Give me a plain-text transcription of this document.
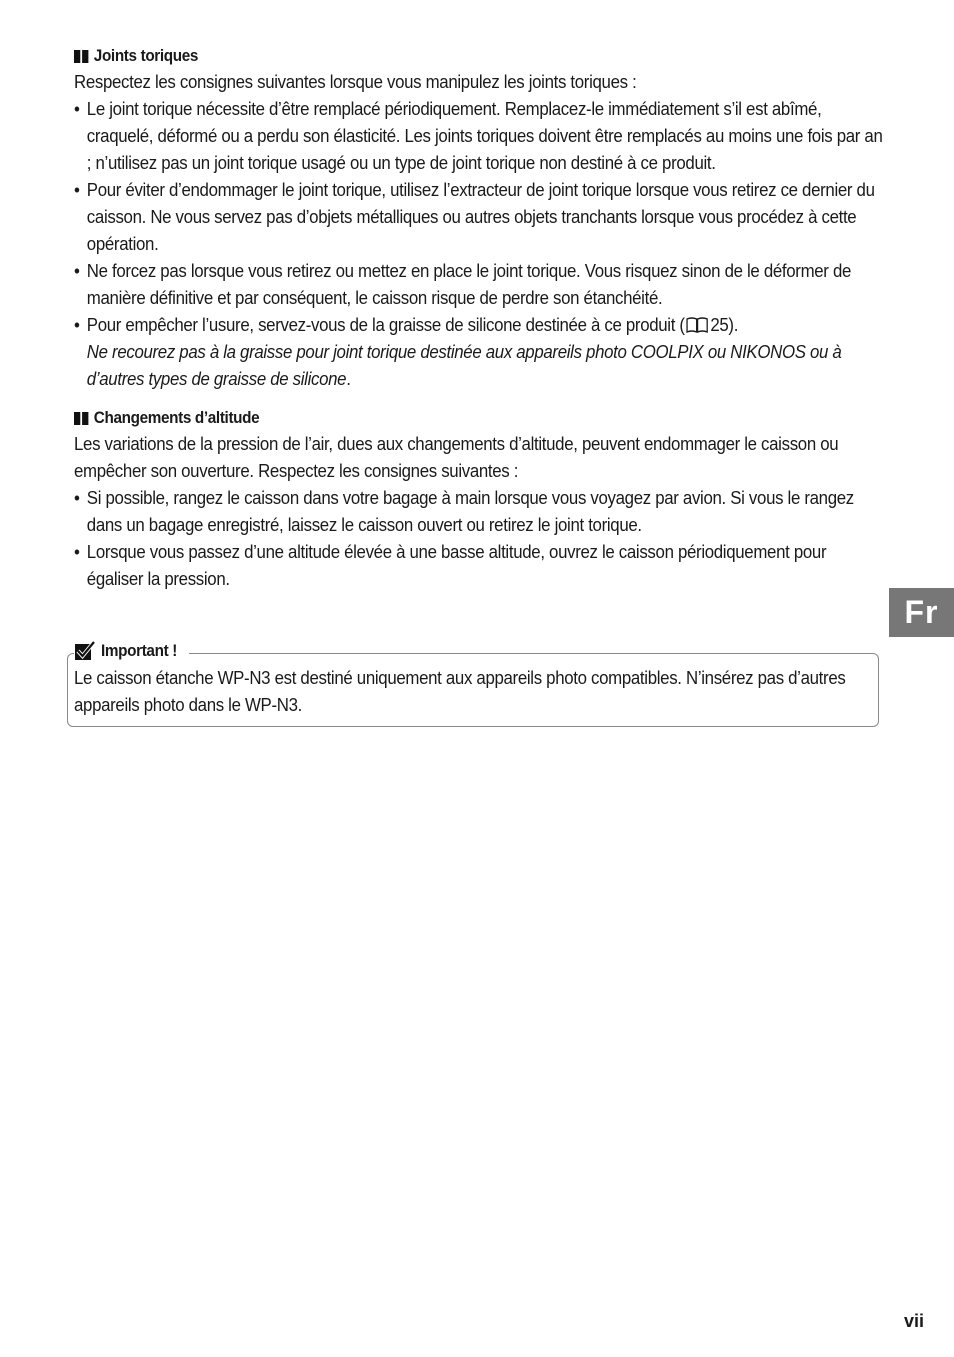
Joints toriques

Respectez les consignes suivantes lorsque vous manipulez les joints toriques :

• Le joint torique nécessite d’être remplacé périodiquement. Remplacez-le immédiatement s’il est abîmé, craquelé, déformé ou a perdu son élasticité. Les joints toriques doivent être remplacés au moins une fois par an ; n’utilisez pas un joint torique usagé ou un type de joint torique non destiné à ce produit.
• Pour éviter d’endommager le joint torique, utilisez l’extracteur de joint torique lorsque vous retirez ce dernier du caisson. Ne vous servez pas d’objets métalliques ou autres objets tranchants lorsque vous procédez à cette opération.
• Ne forcez pas lorsque vous retirez ou mettez en place le joint torique. Vous risquez sinon de le déformer de manière définitive et par conséquent, le caisson risque de perdre son étanchéité.
• Pour empêcher l’usure, servez-vous de la graisse de silicone destinée à ce produit ( 25).
Ne recourez pas à la graisse pour joint torique destinée aux appareils photo COOLPIX ou NIKONOS ou à d’autres types de graisse de silicone.
Changements d’altitude

Les variations de la pression de l’air, dues aux changements d’altitude, peuvent endommager le caisson ou empêcher son ouverture. Respectez les consignes suivantes :

• Si possible, rangez le caisson dans votre bagage à main lorsque vous voyagez par avion. Si vous le rangez dans un bagage enregistré, laissez le caisson ouvert ou retirez le joint torique.
• Lorsque vous passez d’une altitude élevée à une basse altitude, ouvrez le caisson périodiquement pour égaliser la pression.
Important !

Le caisson étanche WP-N3 est destiné uniquement aux appareils photo compatibles. N’insérez pas d’autres appareils photo dans le WP-N3.

Fr
vii
